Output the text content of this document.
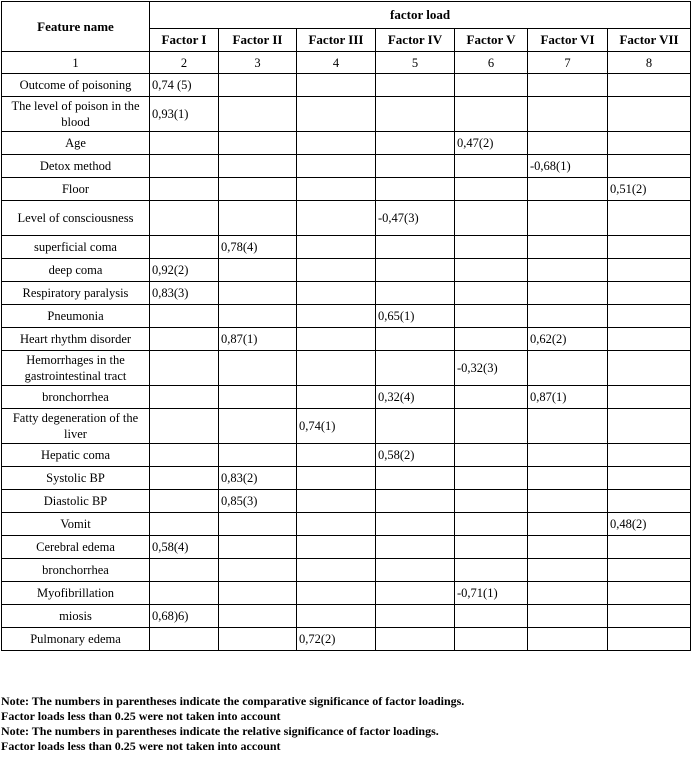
Feature name	factor load						
	Factor I	Factor II	Factor III	Factor IV	Factor V	Factor VI	Factor VII
1	2	3	4	5	6	7	8
Outcome of poisoning	0,74 (5)						
The level of poison in the blood	0,93(1)						
Age					0,47(2)		
Detox method						-0,68(1)	
Floor							0,51(2)
Level of consciousness				-0,47(3)			
superficial coma		0,78(4)					
deep coma	0,92(2)						
Respiratory paralysis	0,83(3)						
Pneumonia				0,65(1)			
Heart rhythm disorder		0,87(1)				0,62(2)	
Hemorrhages in the gastrointestinal tract					-0,32(3)		
bronchorrhea				0,32(4)		0,87(1)	
Fatty degeneration of the liver			0,74(1)				
Hepatic coma				0,58(2)			
Systolic BP		0,83(2)					
Diastolic BP		0,85(3)					
Vomit							0,48(2)
Cerebral edema	0,58(4)						
bronchorrhea							
Myofibrillation					-0,71(1)		
miosis	0,68)6)						
Pulmonary edema			0,72(2)				
Note: The numbers in parentheses indicate the comparative significance of factor loadings.
Factor loads less than 0.25 were not taken into account
Note: The numbers in parentheses indicate the relative significance of factor loadings.
Factor loads less than 0.25 were not taken into account
